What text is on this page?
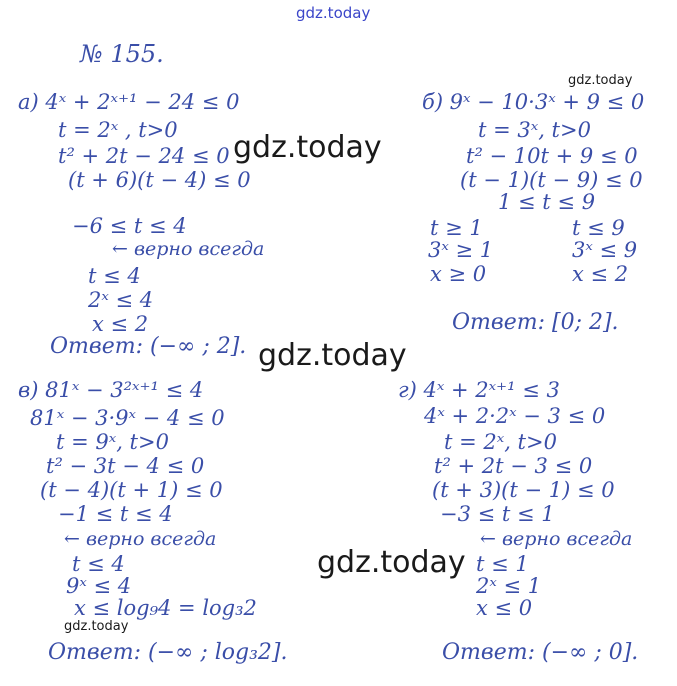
gdz.today
gdz.today
gdz.today
gdz.today
gdz.today
gdz.today
№ 155.
а) 4ˣ + 2ˣ⁺¹ − 24 ≤ 0
t = 2ˣ , t>0
t² + 2t − 24 ≤ 0
(t + 6)(t − 4) ≤ 0
−6 ≤ t ≤ 4
← верно всегда
t ≤ 4
2ˣ ≤ 4
x ≤ 2
Ответ: (−∞ ; 2].
б) 9ˣ − 10·3ˣ + 9 ≤ 0
t = 3ˣ, t>0
t² − 10t + 9 ≤ 0
(t − 1)(t − 9) ≤ 0
1 ≤ t ≤ 9
t ≥ 1	t ≤ 9
3ˣ ≥ 1	3ˣ ≤ 9
x ≥ 0	x ≤ 2
Ответ: [0; 2].
в) 81ˣ − 3²ˣ⁺¹ ≤ 4
81ˣ − 3·9ˣ − 4 ≤ 0
t = 9ˣ, t>0
t² − 3t − 4 ≤ 0
(t − 4)(t + 1) ≤ 0
−1 ≤ t ≤ 4
← верно всегда
t ≤ 4
9ˣ ≤ 4
x ≤ log₉4 = log₃2
Ответ: (−∞ ; log₃2].
г) 4ˣ + 2ˣ⁺¹ ≤ 3
4ˣ + 2·2ˣ − 3 ≤ 0
t = 2ˣ, t>0
t² + 2t − 3 ≤ 0
(t + 3)(t − 1) ≤ 0
−3 ≤ t ≤ 1
← верно всегда
t ≤ 1
2ˣ ≤ 1
x ≤ 0
Ответ: (−∞ ; 0].
